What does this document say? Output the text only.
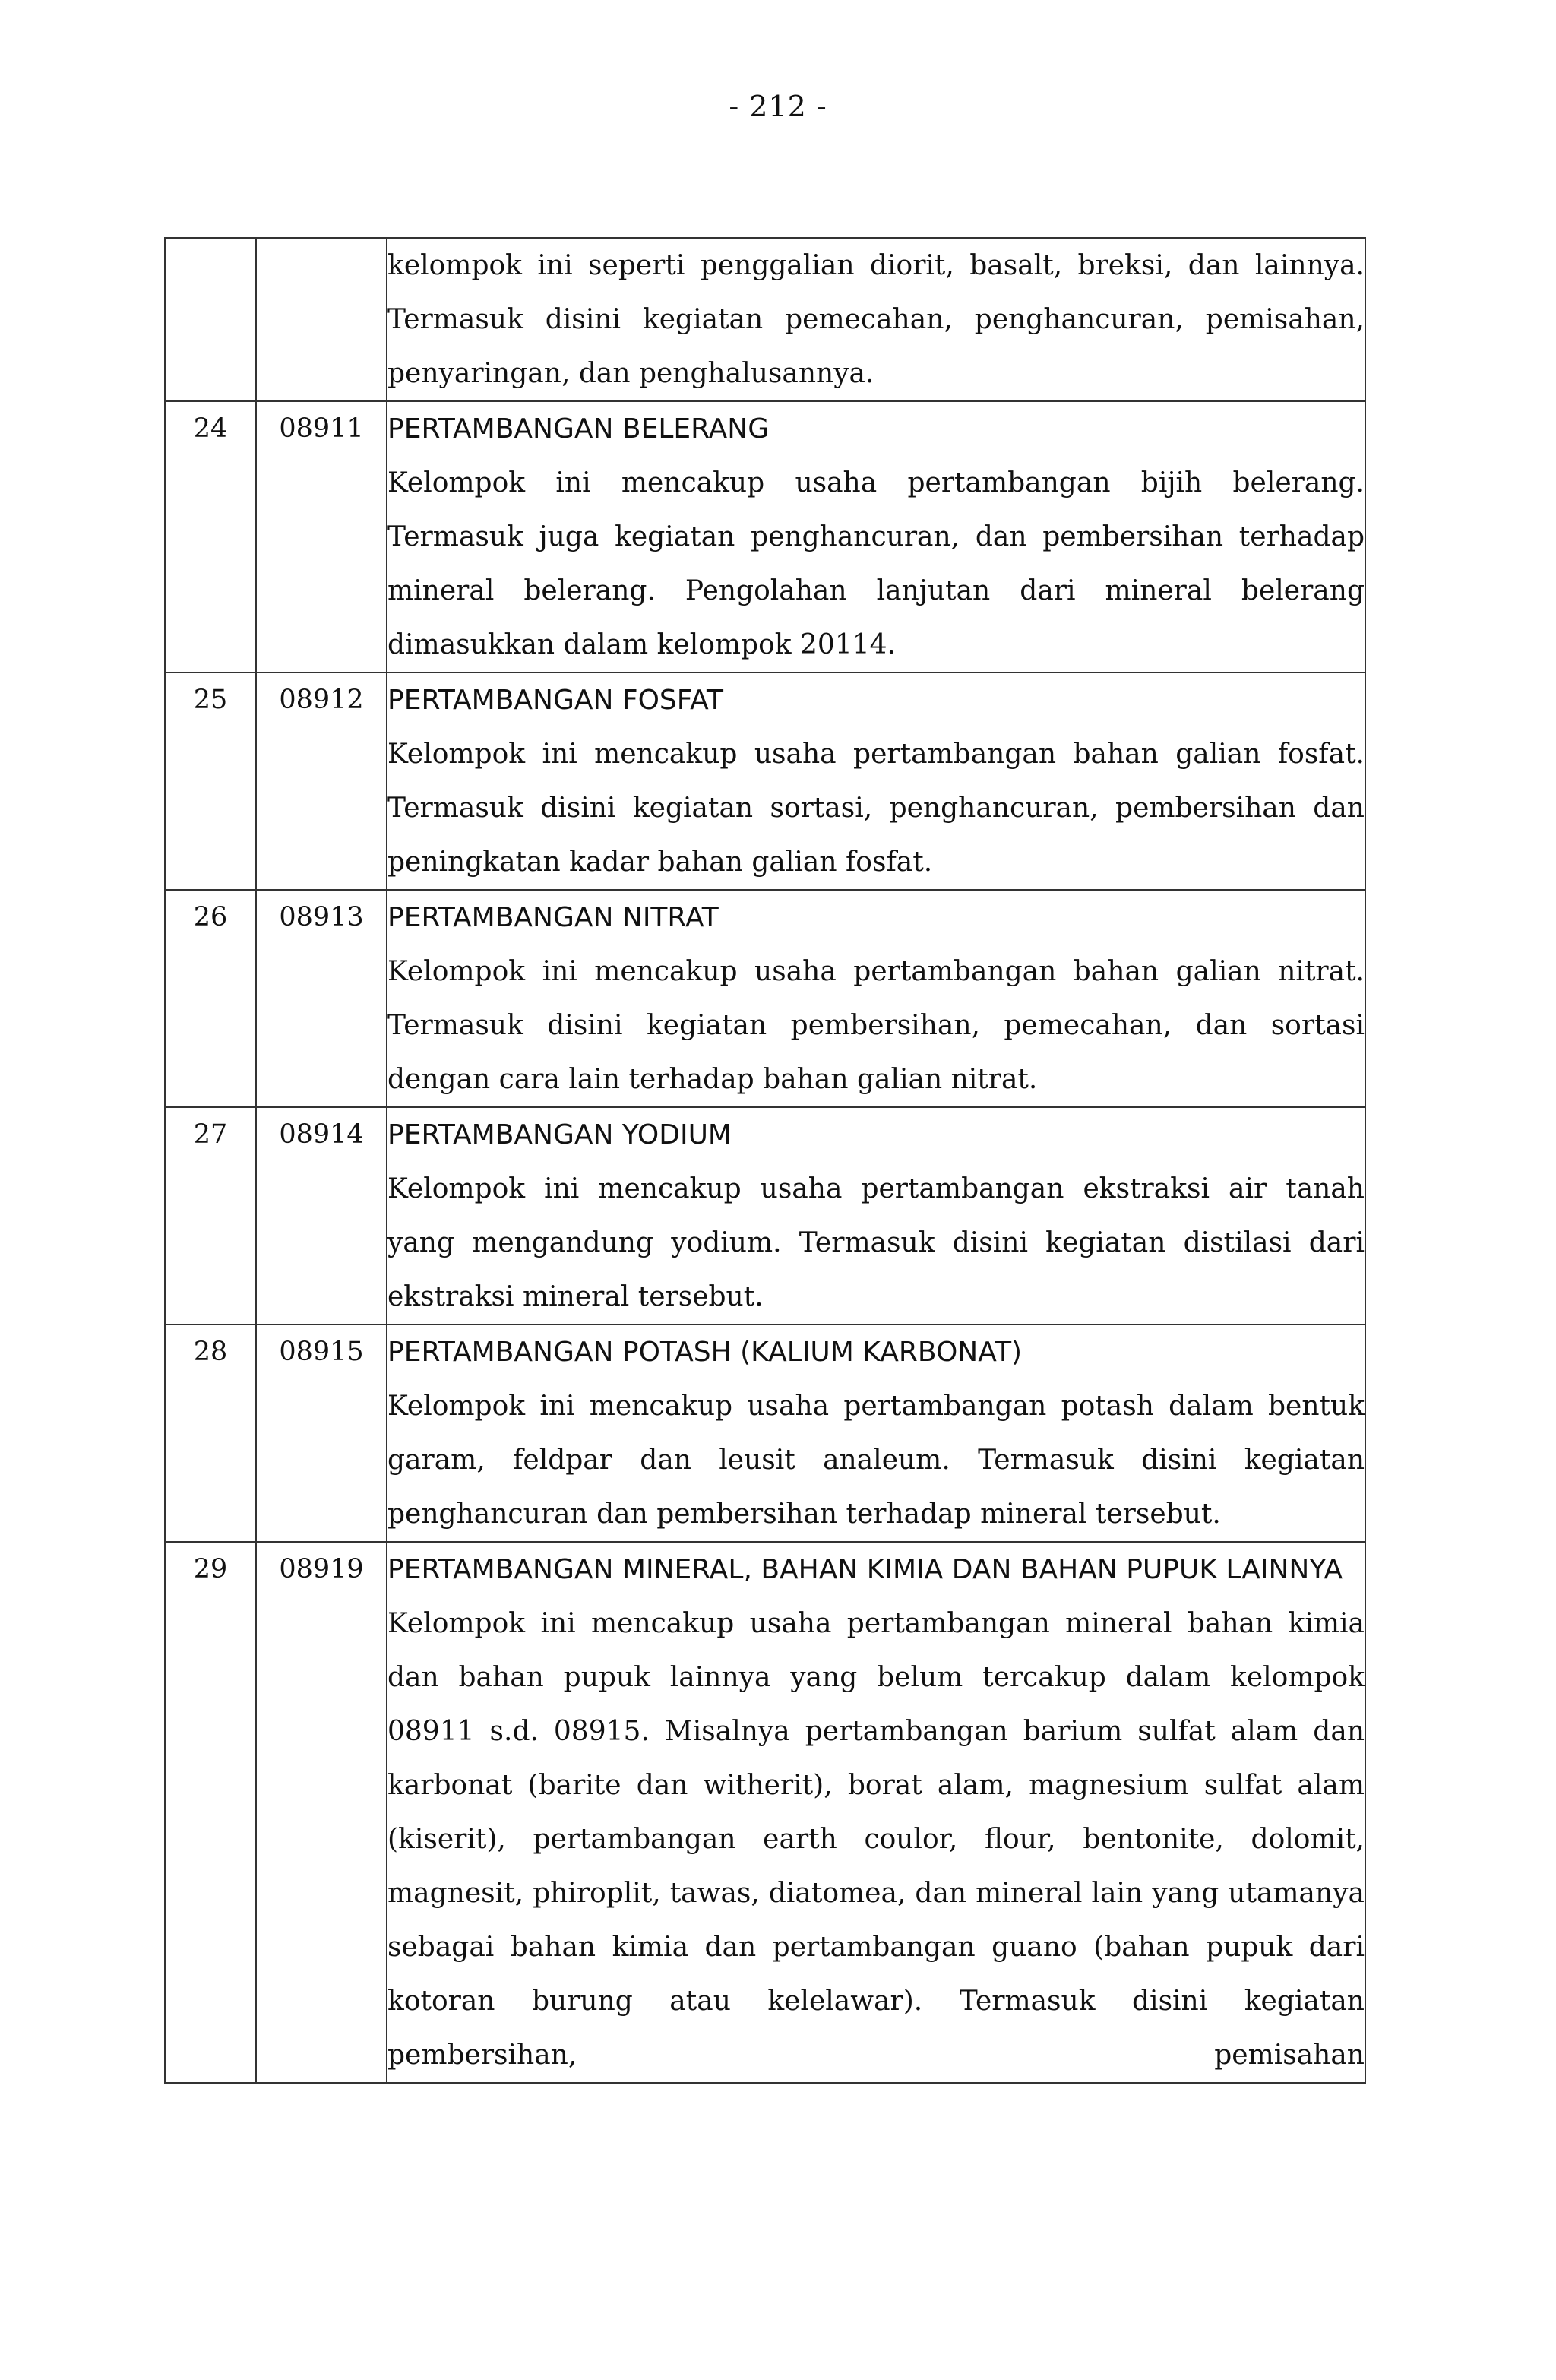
- 212 -

		kelompok ini seperti penggalian diorit, basalt, breksi, dan lainnya. Termasuk disini kegiatan pemecahan, penghancuran, pemisahan, penyaringan, dan penghalusannya.

24	08911	PERTAMBANGAN BELERANG
Kelompok ini mencakup usaha pertambangan bijih belerang. Termasuk juga kegiatan penghancuran, dan pembersihan terhadap mineral belerang. Pengolahan lanjutan dari mineral belerang dimasukkan dalam kelompok 20114.

25	08912	PERTAMBANGAN FOSFAT
Kelompok ini mencakup usaha pertambangan bahan galian fosfat. Termasuk disini kegiatan sortasi, penghancuran, pembersihan dan peningkatan kadar bahan galian fosfat.

26	08913	PERTAMBANGAN NITRAT
Kelompok ini mencakup usaha pertambangan bahan galian nitrat. Termasuk disini kegiatan pembersihan, pemecahan, dan sortasi dengan cara lain terhadap bahan galian nitrat.

27	08914	PERTAMBANGAN YODIUM
Kelompok ini mencakup usaha pertambangan ekstraksi air tanah yang mengandung yodium. Termasuk disini kegiatan distilasi dari ekstraksi mineral tersebut.

28	08915	PERTAMBANGAN POTASH (KALIUM KARBONAT)
Kelompok ini mencakup usaha pertambangan potash dalam bentuk garam, feldpar dan leusit analeum. Termasuk disini kegiatan penghancuran dan pembersihan terhadap mineral tersebut.

29	08919	PERTAMBANGAN MINERAL, BAHAN KIMIA DAN BAHAN PUPUK LAINNYA
Kelompok ini mencakup usaha pertambangan mineral bahan kimia dan bahan pupuk lainnya yang belum tercakup dalam kelompok 08911 s.d. 08915. Misalnya pertambangan barium sulfat alam dan karbonat (barite dan witherit), borat alam, magnesium sulfat alam (kiserit), pertambangan earth coulor, flour, bentonite, dolomit, magnesit, phiroplit, tawas, diatomea, dan mineral lain yang utamanya sebagai bahan kimia dan pertambangan guano (bahan pupuk dari kotoran burung atau kelelawar). Termasuk disini kegiatan pembersihan, pemisahan
